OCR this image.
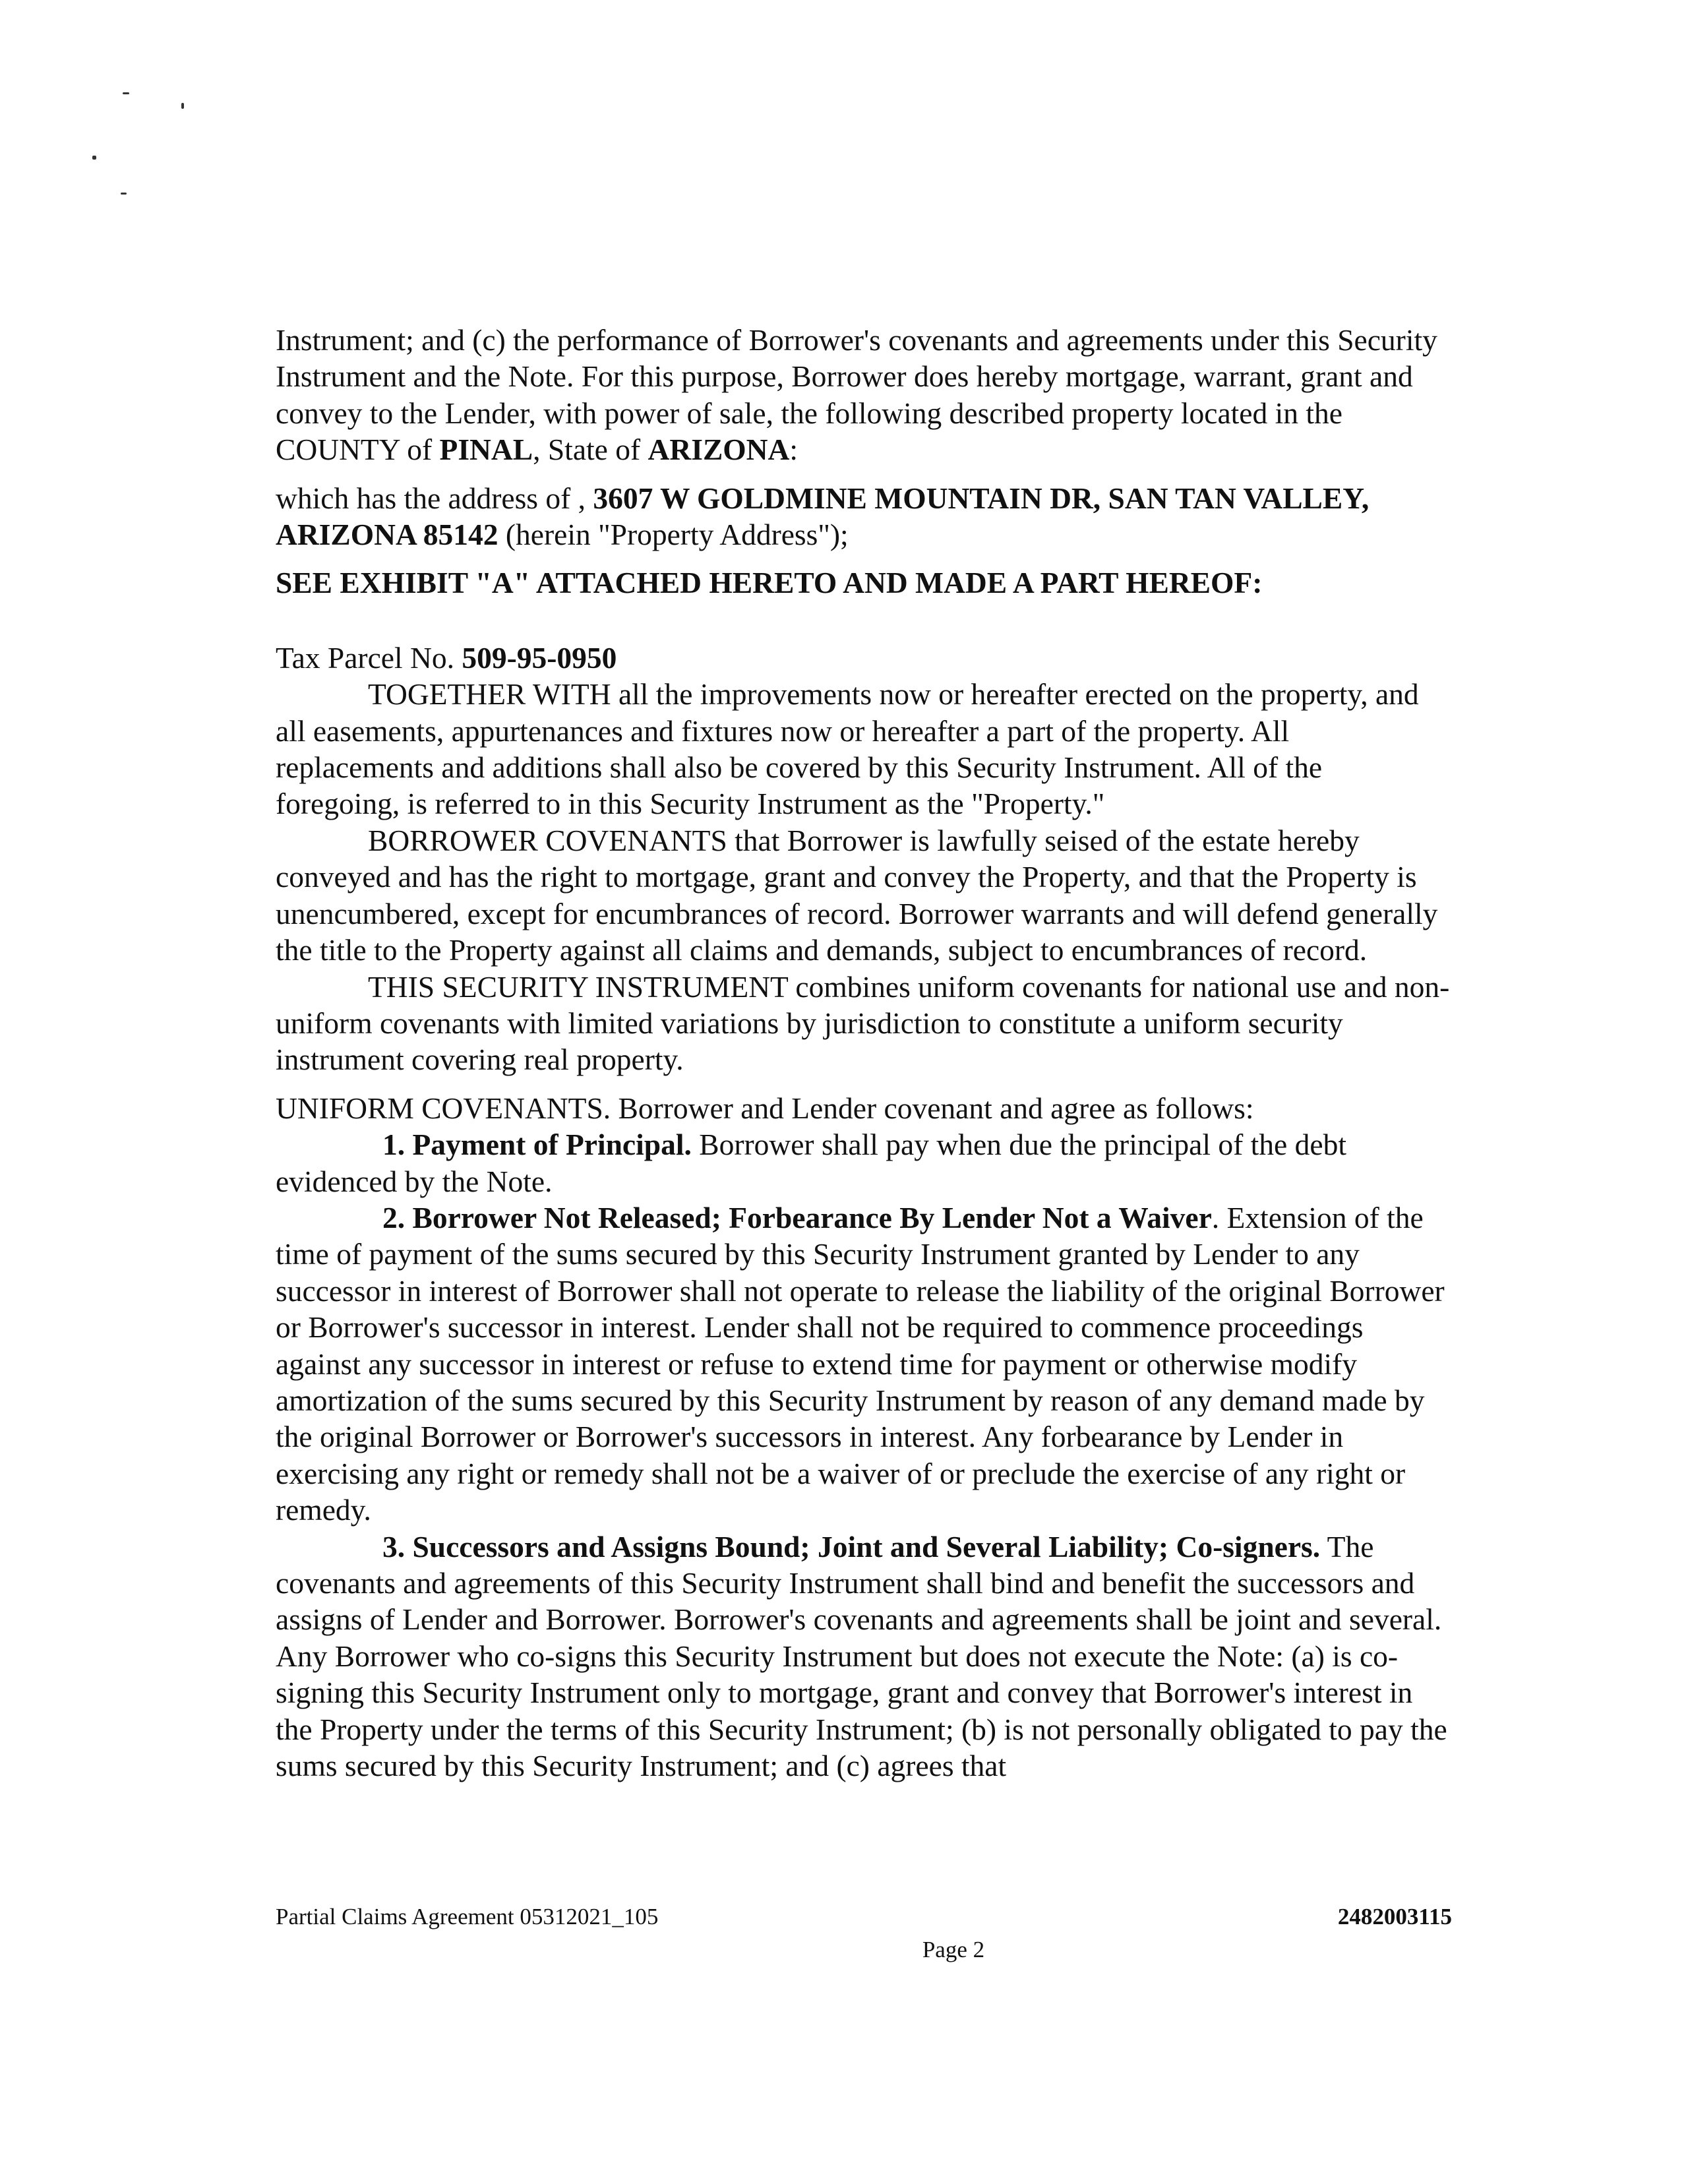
Instrument; and (c) the performance of Borrower's covenants and agreements under this Security Instrument and the Note. For this purpose, Borrower does hereby mortgage, warrant, grant and convey to the Lender, with power of sale, the following described property located in the COUNTY of PINAL, State of ARIZONA:

which has the address of , 3607 W GOLDMINE MOUNTAIN DR, SAN TAN VALLEY, ARIZONA 85142 (herein "Property Address");

SEE EXHIBIT "A" ATTACHED HERETO AND MADE A PART HEREOF:

Tax Parcel No. 509-95-0950

TOGETHER WITH all the improvements now or hereafter erected on the property, and all easements, appurtenances and fixtures now or hereafter a part of the property. All replacements and additions shall also be covered by this Security Instrument. All of the foregoing, is referred to in this Security Instrument as the "Property."

BORROWER COVENANTS that Borrower is lawfully seised of the estate hereby conveyed and has the right to mortgage, grant and convey the Property, and that the Property is unencumbered, except for encumbrances of record. Borrower warrants and will defend generally the title to the Property against all claims and demands, subject to encumbrances of record.

THIS SECURITY INSTRUMENT combines uniform covenants for national use and non-uniform covenants with limited variations by jurisdiction to constitute a uniform security instrument covering real property.

UNIFORM COVENANTS. Borrower and Lender covenant and agree as follows:

1. Payment of Principal. Borrower shall pay when due the principal of the debt evidenced by the Note.

2. Borrower Not Released; Forbearance By Lender Not a Waiver. Extension of the time of payment of the sums secured by this Security Instrument granted by Lender to any successor in interest of Borrower shall not operate to release the liability of the original Borrower or Borrower's successor in interest. Lender shall not be required to commence proceedings against any successor in interest or refuse to extend time for payment or otherwise modify amortization of the sums secured by this Security Instrument by reason of any demand made by the original Borrower or Borrower's successors in interest. Any forbearance by Lender in exercising any right or remedy shall not be a waiver of or preclude the exercise of any right or remedy.

3. Successors and Assigns Bound; Joint and Several Liability; Co-signers. The covenants and agreements of this Security Instrument shall bind and benefit the successors and assigns of Lender and Borrower. Borrower's covenants and agreements shall be joint and several. Any Borrower who co-signs this Security Instrument but does not execute the Note: (a) is co-signing this Security Instrument only to mortgage, grant and convey that Borrower's interest in the Property under the terms of this Security Instrument; (b) is not personally obligated to pay the sums secured by this Security Instrument; and (c) agrees that

Partial Claims Agreement 05312021_105	2482003115
Page 2
